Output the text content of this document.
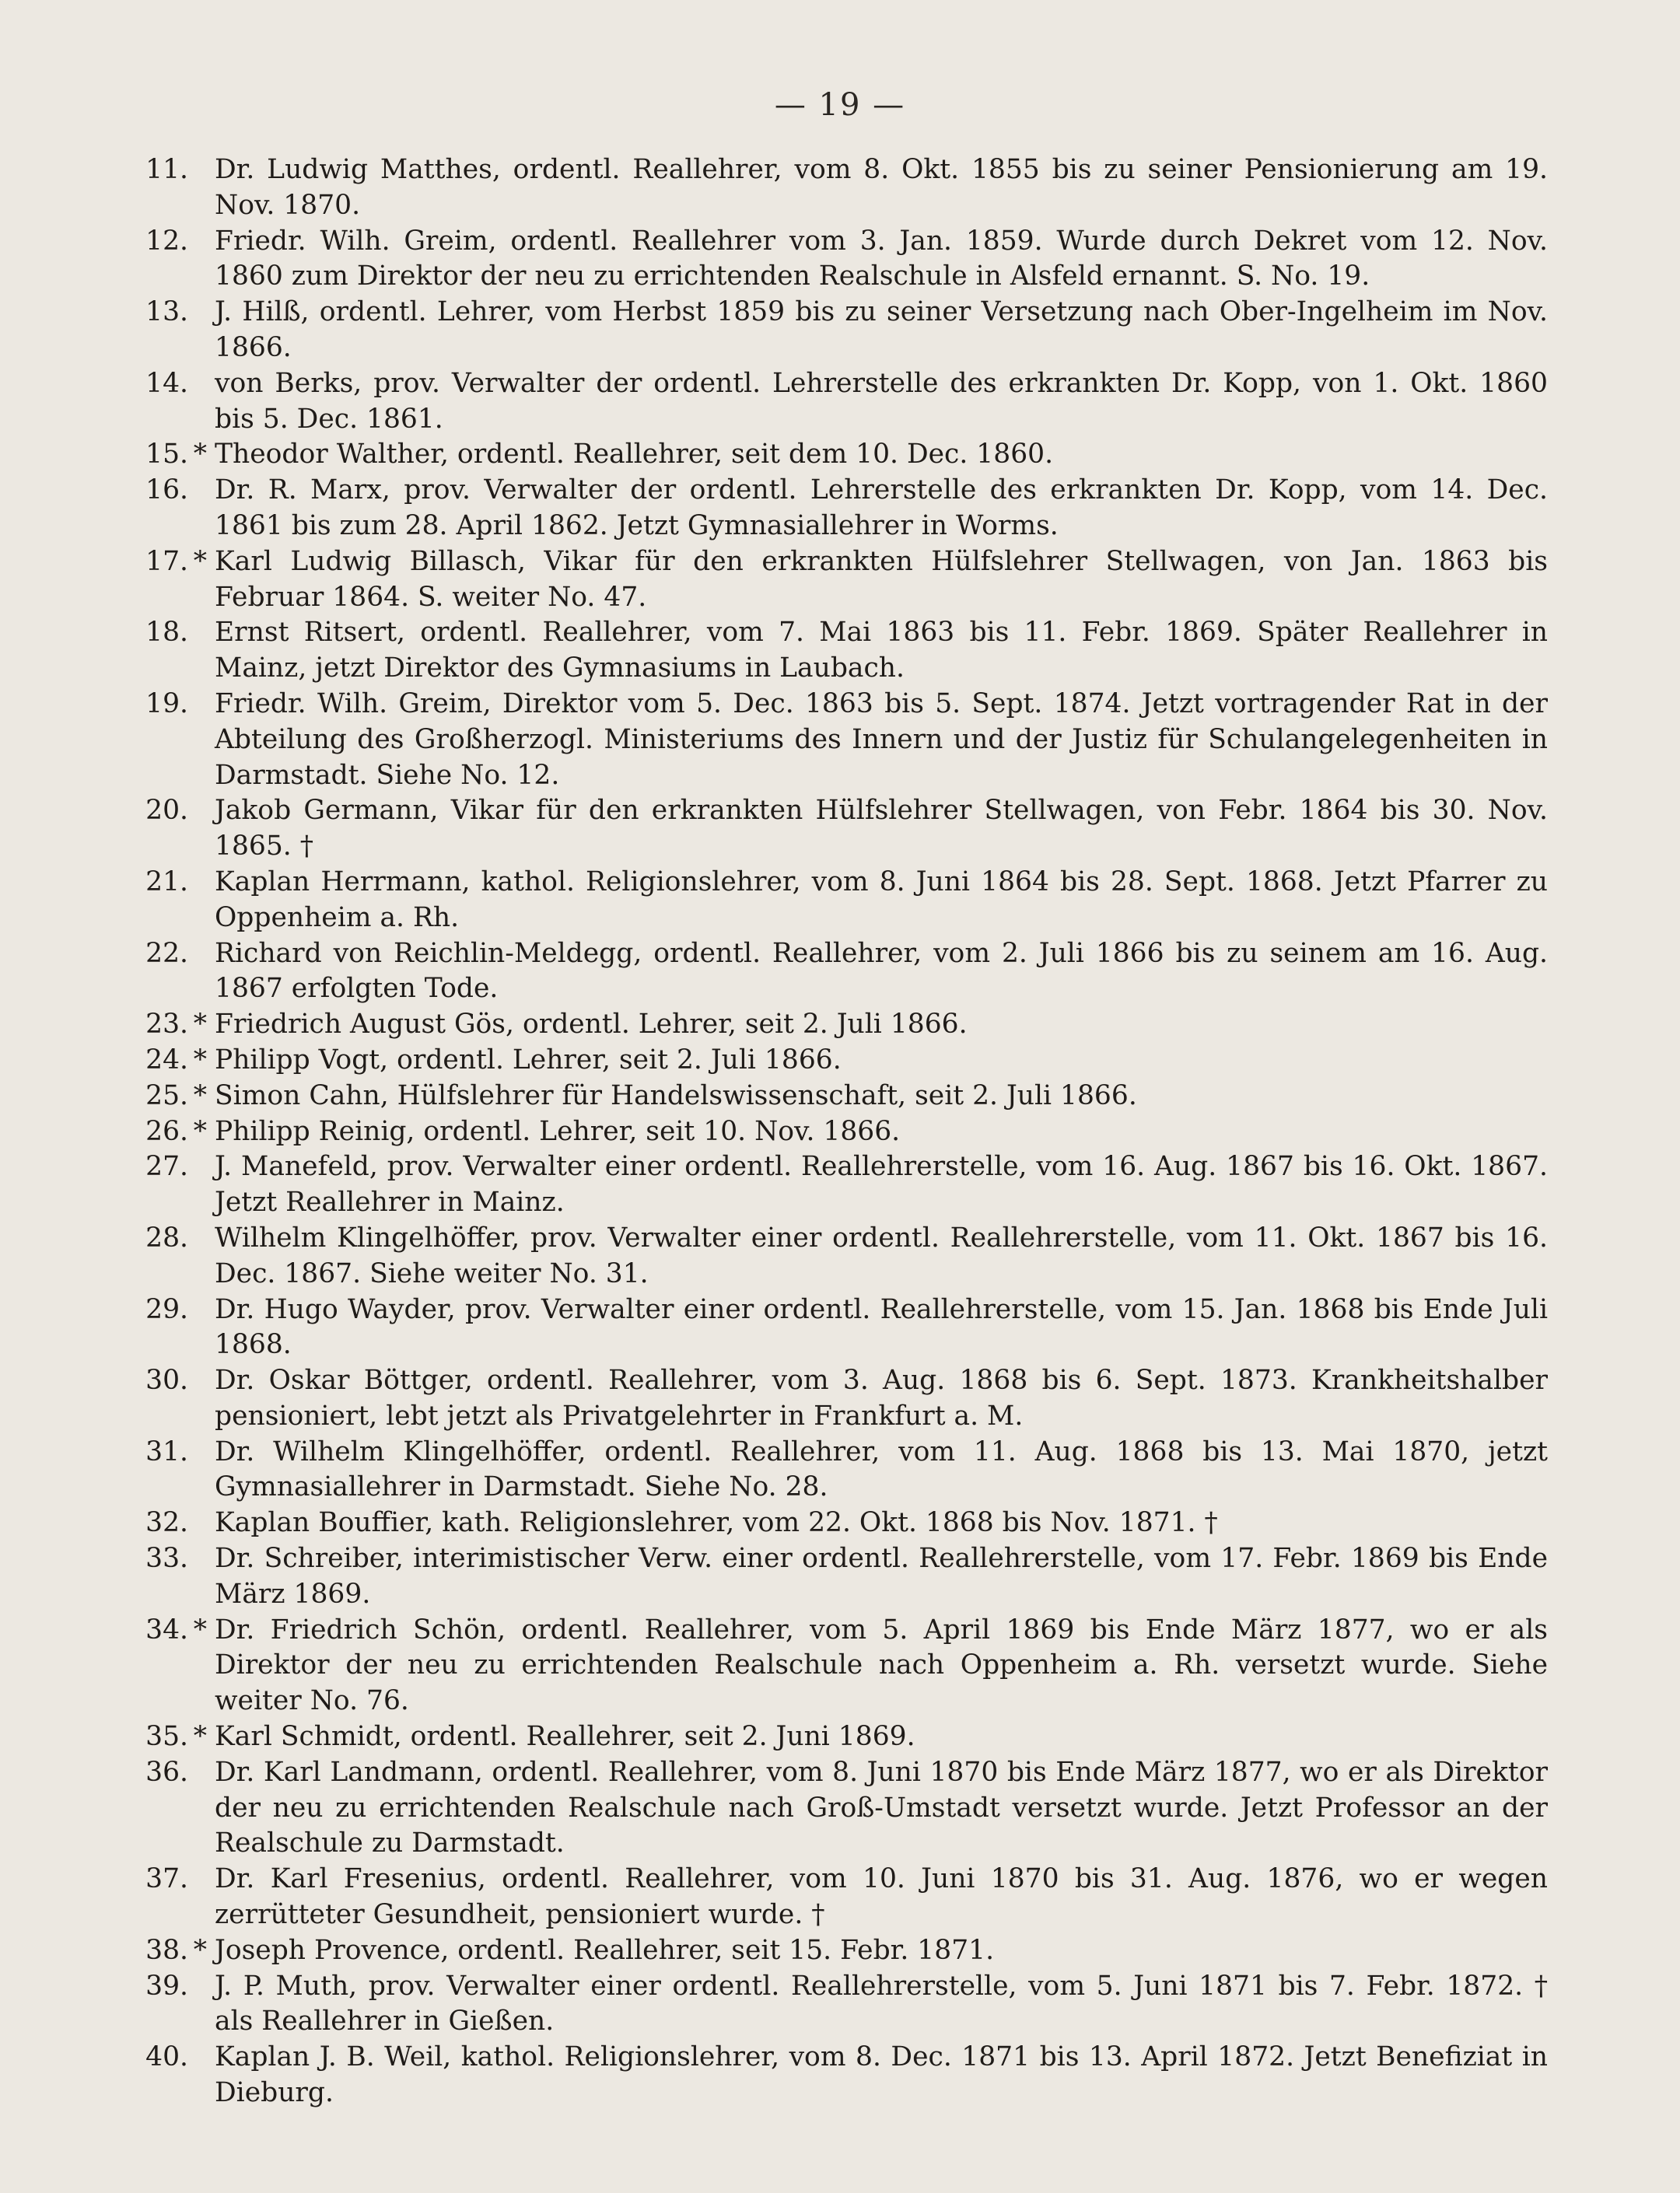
— 19 —
11. Dr. Ludwig Matthes, ordentl. Reallehrer, vom 8. Okt. 1855 bis zu seiner Pensionierung am 19. Nov. 1870.
12. Friedr. Wilh. Greim, ordentl. Reallehrer vom 3. Jan. 1859. Wurde durch Dekret vom 12. Nov. 1860 zum Direktor der neu zu errichtenden Realschule in Alsfeld ernannt. S. No. 19.
13. J. Hilß, ordentl. Lehrer, vom Herbst 1859 bis zu seiner Versetzung nach Ober-Ingelheim im Nov. 1866.
14. von Berks, prov. Verwalter der ordentl. Lehrerstelle des erkrankten Dr. Kopp, von 1. Okt. 1860 bis 5. Dec. 1861.
15. * Theodor Walther, ordentl. Reallehrer, seit dem 10. Dec. 1860.
16. Dr. R. Marx, prov. Verwalter der ordentl. Lehrerstelle des erkrankten Dr. Kopp, vom 14. Dec. 1861 bis zum 28. April 1862. Jetzt Gymnasiallehrer in Worms.
17. * Karl Ludwig Billasch, Vikar für den erkrankten Hülfslehrer Stellwagen, von Jan. 1863 bis Februar 1864. S. weiter No. 47.
18. Ernst Ritsert, ordentl. Reallehrer, vom 7. Mai 1863 bis 11. Febr. 1869. Später Reallehrer in Mainz, jetzt Direktor des Gymnasiums in Laubach.
19. Friedr. Wilh. Greim, Direktor vom 5. Dec. 1863 bis 5. Sept. 1874. Jetzt vortragender Rat in der Abteilung des Großherzogl. Ministeriums des Innern und der Justiz für Schulangelegenheiten in Darmstadt. Siehe No. 12.
20. Jakob Germann, Vikar für den erkrankten Hülfslehrer Stellwagen, von Febr. 1864 bis 30. Nov. 1865. †
21. Kaplan Herrmann, kathol. Religionslehrer, vom 8. Juni 1864 bis 28. Sept. 1868. Jetzt Pfarrer zu Oppenheim a. Rh.
22. Richard von Reichlin-Meldegg, ordentl. Reallehrer, vom 2. Juli 1866 bis zu seinem am 16. Aug. 1867 erfolgten Tode.
23. * Friedrich August Gös, ordentl. Lehrer, seit 2. Juli 1866.
24. * Philipp Vogt, ordentl. Lehrer, seit 2. Juli 1866.
25. * Simon Cahn, Hülfslehrer für Handelswissenschaft, seit 2. Juli 1866.
26. * Philipp Reinig, ordentl. Lehrer, seit 10. Nov. 1866.
27. J. Manefeld, prov. Verwalter einer ordentl. Reallehrerstelle, vom 16. Aug. 1867 bis 16. Okt. 1867. Jetzt Reallehrer in Mainz.
28. Wilhelm Klingelhöffer, prov. Verwalter einer ordentl. Reallehrerstelle, vom 11. Okt. 1867 bis 16. Dec. 1867. Siehe weiter No. 31.
29. Dr. Hugo Wayder, prov. Verwalter einer ordentl. Reallehrerstelle, vom 15. Jan. 1868 bis Ende Juli 1868.
30. Dr. Oskar Böttger, ordentl. Reallehrer, vom 3. Aug. 1868 bis 6. Sept. 1873. Krankheitshalber pensioniert, lebt jetzt als Privatgelehrter in Frankfurt a. M.
31. Dr. Wilhelm Klingelhöffer, ordentl. Reallehrer, vom 11. Aug. 1868 bis 13. Mai 1870, jetzt Gymnasiallehrer in Darmstadt. Siehe No. 28.
32. Kaplan Bouffier, kath. Religionslehrer, vom 22. Okt. 1868 bis Nov. 1871. †
33. Dr. Schreiber, interimistischer Verw. einer ordentl. Reallehrerstelle, vom 17. Febr. 1869 bis Ende März 1869.
34. * Dr. Friedrich Schön, ordentl. Reallehrer, vom 5. April 1869 bis Ende März 1877, wo er als Direktor der neu zu errichtenden Realschule nach Oppenheim a. Rh. versetzt wurde. Siehe weiter No. 76.
35. * Karl Schmidt, ordentl. Reallehrer, seit 2. Juni 1869.
36. Dr. Karl Landmann, ordentl. Reallehrer, vom 8. Juni 1870 bis Ende März 1877, wo er als Direktor der neu zu errichtenden Realschule nach Groß-Umstadt versetzt wurde. Jetzt Professor an der Realschule zu Darmstadt.
37. Dr. Karl Fresenius, ordentl. Reallehrer, vom 10. Juni 1870 bis 31. Aug. 1876, wo er wegen zerrütteter Gesundheit, pensioniert wurde. †
38. * Joseph Provence, ordentl. Reallehrer, seit 15. Febr. 1871.
39. J. P. Muth, prov. Verwalter einer ordentl. Reallehrerstelle, vom 5. Juni 1871 bis 7. Febr. 1872. † als Reallehrer in Gießen.
40. Kaplan J. B. Weil, kathol. Religionslehrer, vom 8. Dec. 1871 bis 13. April 1872. Jetzt Benefiziat in Dieburg.
